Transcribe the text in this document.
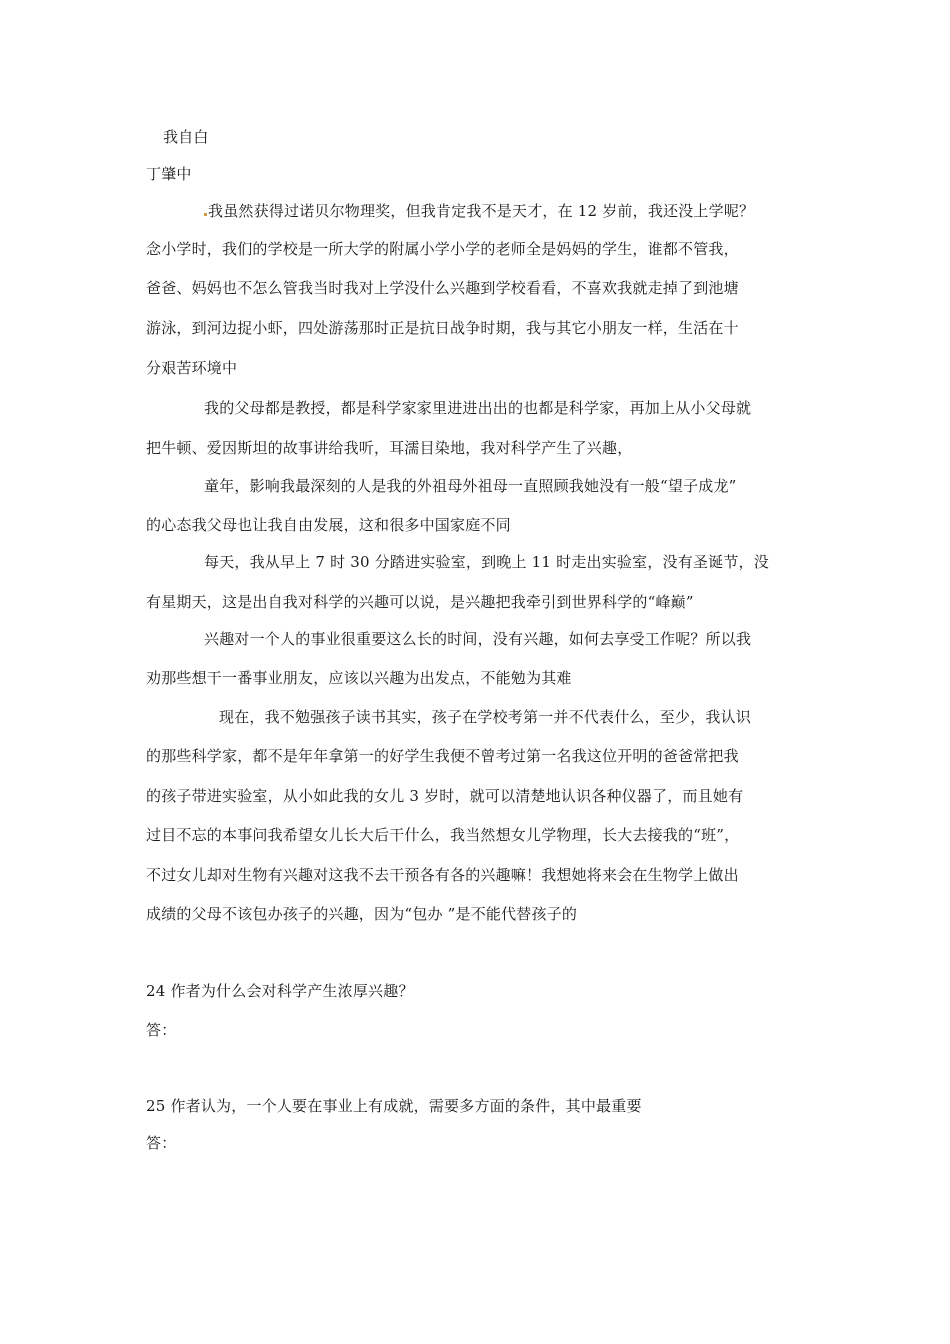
我自白
丁肇中
我虽然获得过诺贝尔物理奖，但我肯定我不是天才，在 12 岁前，我还没上学呢？
念小学时，我们的学校是一所大学的附属小学小学的老师全是妈妈的学生，谁都不管我，
爸爸、妈妈也不怎么管我当时我对上学没什么兴趣到学校看看，不喜欢我就走掉了到池塘
游泳，到河边捉小虾，四处游荡那时正是抗日战争时期，我与其它小朋友一样，生活在十
分艰苦环境中
我的父母都是教授，都是科学家家里进进出出的也都是科学家，再加上从小父母就
把牛顿、爱因斯坦的故事讲给我听，耳濡目染地，我对科学产生了兴趣，
童年，影响我最深刻的人是我的外祖母外祖母一直照顾我她没有一般“望子成龙”
的心态我父母也让我自由发展，这和很多中国家庭不同
每天，我从早上 7 时 30 分踏进实验室，到晚上 11 时走出实验室，没有圣诞节，没
有星期天，这是出自我对科学的兴趣可以说，是兴趣把我牵引到世界科学的“峰巅”
兴趣对一个人的事业很重要这么长的时间，没有兴趣，如何去享受工作呢？所以我
劝那些想干一番事业朋友，应该以兴趣为出发点，不能勉为其难
现在，我不勉强孩子读书其实，孩子在学校考第一并不代表什么，至少，我认识
的那些科学家，都不是年年拿第一的好学生我便不曾考过第一名我这位开明的爸爸常把我
的孩子带进实验室，从小如此我的女儿 3 岁时，就可以清楚地认识各种仪器了，而且她有
过目不忘的本事问我希望女儿长大后干什么，我当然想女儿学物理，长大去接我的“班”，
不过女儿却对生物有兴趣对这我不去干预各有各的兴趣嘛！我想她将来会在生物学上做出
成绩的父母不该包办孩子的兴趣，因为“包办 ”是不能代替孩子的
24 作者为什么会对科学产生浓厚兴趣？
答：
25 作者认为，一个人要在事业上有成就，需要多方面的条件，其中最重要
答：
